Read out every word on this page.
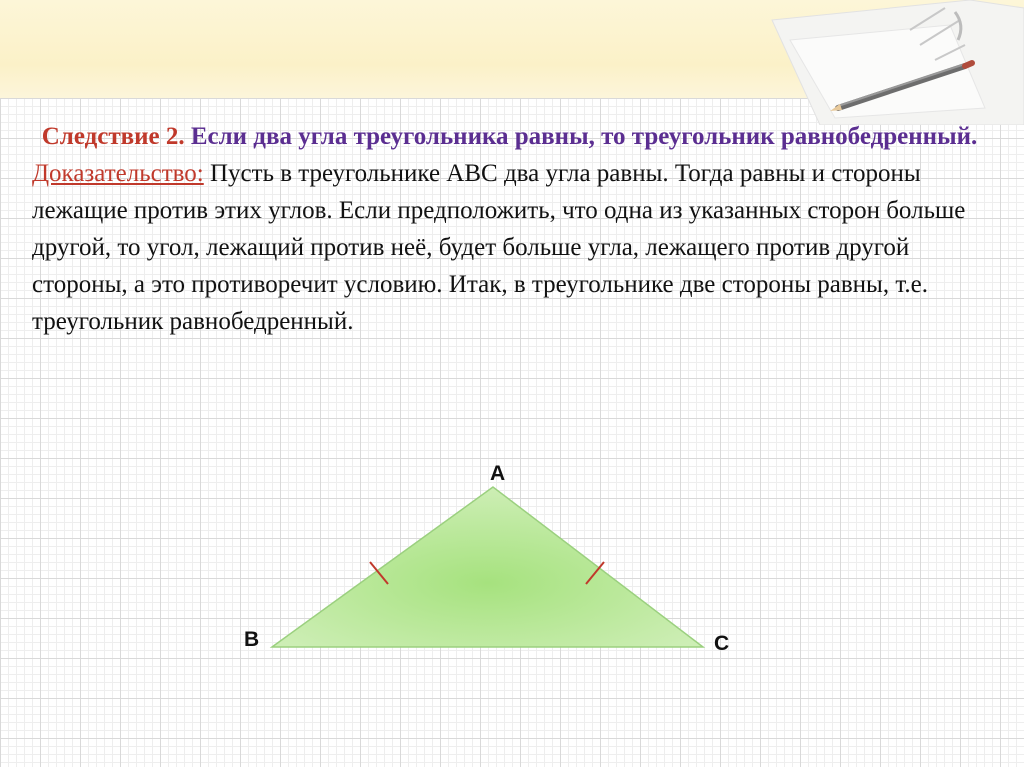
Следствие 2. Если два угла треугольника равны, то треугольник равнобедренный.

Доказательство: Пусть в треугольнике ABC два угла равны. Тогда равны и стороны лежащие против этих углов. Если предположить, что одна из указанных сторон больше другой, то угол, лежащий против неё, будет больше угла, лежащего против другой стороны, а это противоречит условию. Итак, в треугольнике две стороны равны, т.е. треугольник равнобедренный.

A
B	C
